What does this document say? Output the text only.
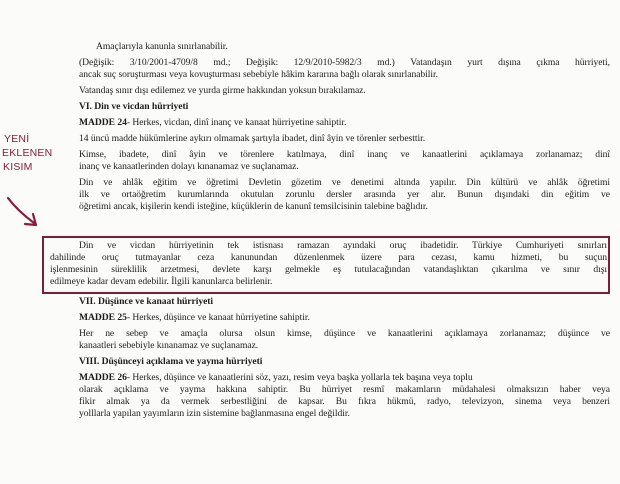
YENİ
EKLENEN
KISIM
Amaçlarıyla kanunla sınırlanabilir.
(Değişik: 3/10/2001-4709/8 md.; Değişik: 12/9/2010-5982/3 md.) Vatandaşın yurt dışına çıkma hürriyeti,
ancak suç soruşturması veya kovuşturması sebebiyle hâkim kararına bağlı olarak sınırlanabilir.
Vatandaş sınır dışı edilemez ve yurda girme hakkından yoksun bırakılamaz.
VI. Din ve vicdan hürriyeti
MADDE 24- Herkes, vicdan, dinî inanç ve kanaat hürriyetine sahiptir.
14 üncü madde hükümlerine aykırı olmamak şartıyla ibadet, dinî âyin ve törenler serbesttir.
Kimse, ibadete, dinî âyin ve törenlere katılmaya, dinî inanç ve kanaatlerini açıklamaya zorlanamaz; dinî
inanç ve kanaatlerinden dolayı kınanamaz ve suçlanamaz.
Din ve ahlâk eğitim ve öğretimi Devletin gözetim ve denetimi altında yapılır. Din kültürü ve ahlâk öğretimi
ilk ve ortaöğretim kurumlarında okutulan zorunlu dersler arasında yer alır. Bunun dışındaki din eğitim ve
öğretimi ancak, kişilerin kendi isteğine, küçüklerin de kanunî temsilcisinin talebine bağlıdır.
Din ve vicdan hürriyetinin tek istisnası ramazan ayındaki oruç ibadetidir. Türkiye Cumhuriyeti sınırları
dahilinde oruç tutmayanlar ceza kanunundan düzenlenmek üzere para cezası, kamu hizmeti, bu suçun
işlenmesinin süreklilik arzetmesi, devlete karşı gelmekle eş tutulacağından vatandaşlıktan çıkarılma ve sınır dışı
edilmeye kadar devam edebilir. İlgili kanunlarca belirlenir.
VII. Düşünce ve kanaat hürriyeti
MADDE 25- Herkes, düşünce ve kanaat hürriyetine sahiptir.
Her ne sebep ve amaçla olursa olsun kimse, düşünce ve kanaatlerini açıklamaya zorlanamaz; düşünce ve
kanaatleri sebebiyle kınanamaz ve suçlanamaz.
VIII. Düşünceyi açıklama ve yayma hürriyeti
MADDE 26- Herkes, düşünce ve kanaatlerini söz, yazı, resim veya başka yollarla tek başına veya toplu
olarak açıklama ve yayma hakkına sahiptir. Bu hürriyet resmî makamların müdahalesi olmaksızın haber veya
fikir almak ya da vermek serbestliğini de kapsar. Bu fıkra hükmü, radyo, televizyon, sinema veya benzeri
yolllarla yapılan yayımların izin sistemine bağlanmasına engel değildir.
